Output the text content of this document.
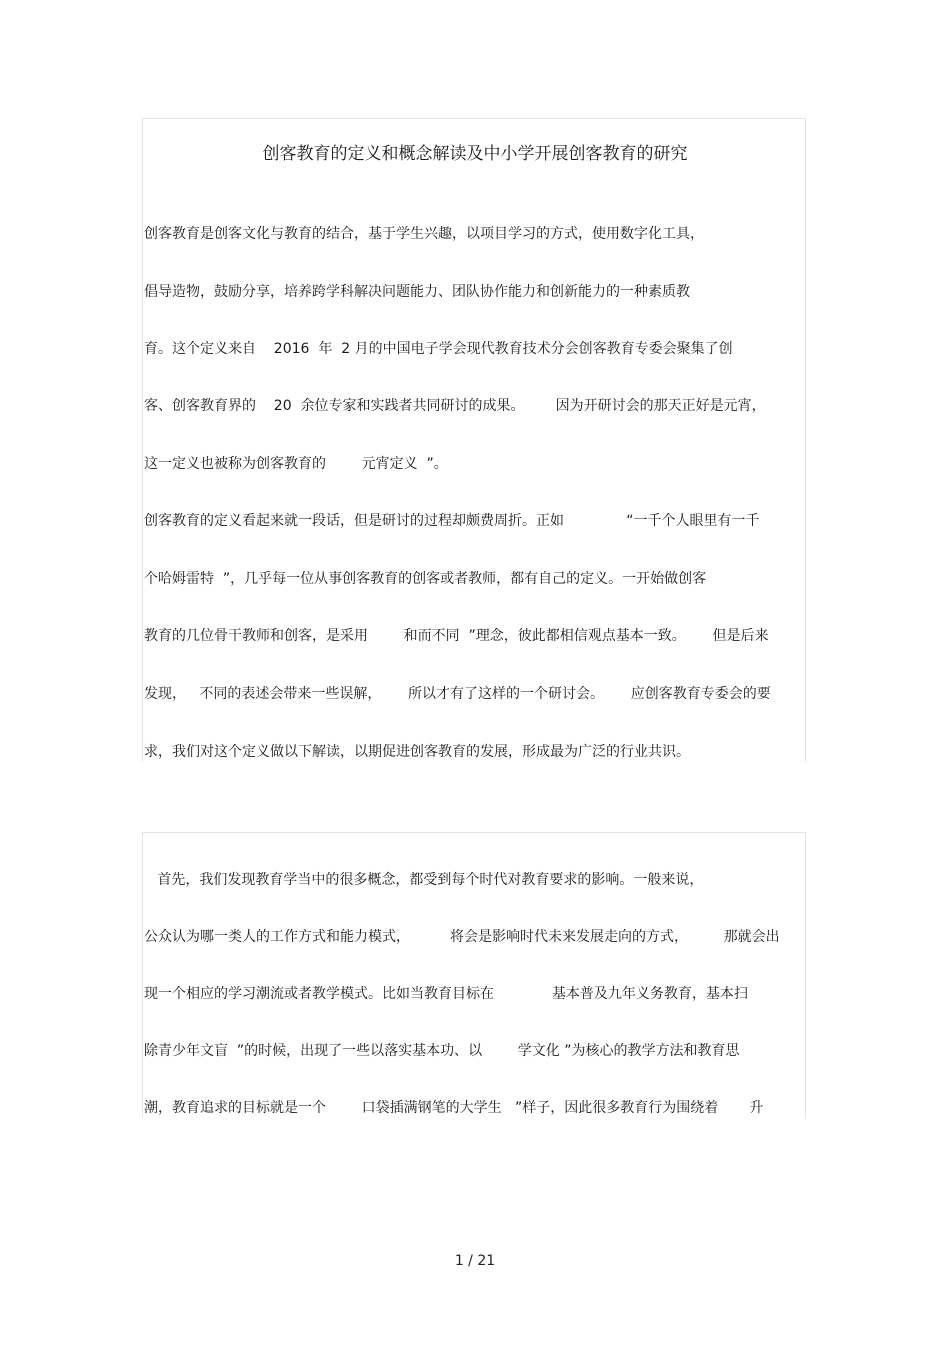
创客教育的定义和概念解读及中小学开展创客教育的研究
创客教育是创客文化与教育的结合，基于学生兴趣，以项目学习的方式，使用数字化工具，
倡导造物，鼓励分享，培养跨学科解决问题能力、团队协作能力和创新能力的一种素质教
育。这个定义来自    2016  年  2 月的中国电子学会现代教育技术分会创客教育专委会聚集了创
客、创客教育界的    20  余位专家和实践者共同研讨的成果。       因为开研讨会的那天正好是元宵，
这一定义也被称为创客教育的        元宵定义  ”。
创客教育的定义看起来就一段话，但是研讨的过程却颇费周折。正如              “一千个人眼里有一千
个哈姆雷特  ”，几乎每一位从事创客教育的创客或者教师，都有自己的定义。一开始做创客
教育的几位骨干教师和创客，是采用        和而不同  ”理念，彼此都相信观点基本一致。      但是后来
发现，   不同的表述会带来一些误解，      所以才有了这样的一个研讨会。      应创客教育专委会的要
求，我们对这个定义做以下解读，以期促进创客教育的发展，形成最为广泛的行业共识。
首先，我们发现教育学当中的很多概念，都受到每个时代对教育要求的影响。一般来说，
公众认为哪一类人的工作方式和能力模式，         将会是影响时代未来发展走向的方式，        那就会出
现一个相应的学习潮流或者教学模式。比如当教育目标在             基本普及九年义务教育，基本扫
除青少年文盲  ”的时候，出现了一些以落实基本功、以        学文化 ”为核心的教学方法和教育思
潮，教育追求的目标就是一个        口袋插满钢笔的大学生   ”样子，因此很多教育行为围绕着       升
1 / 21
